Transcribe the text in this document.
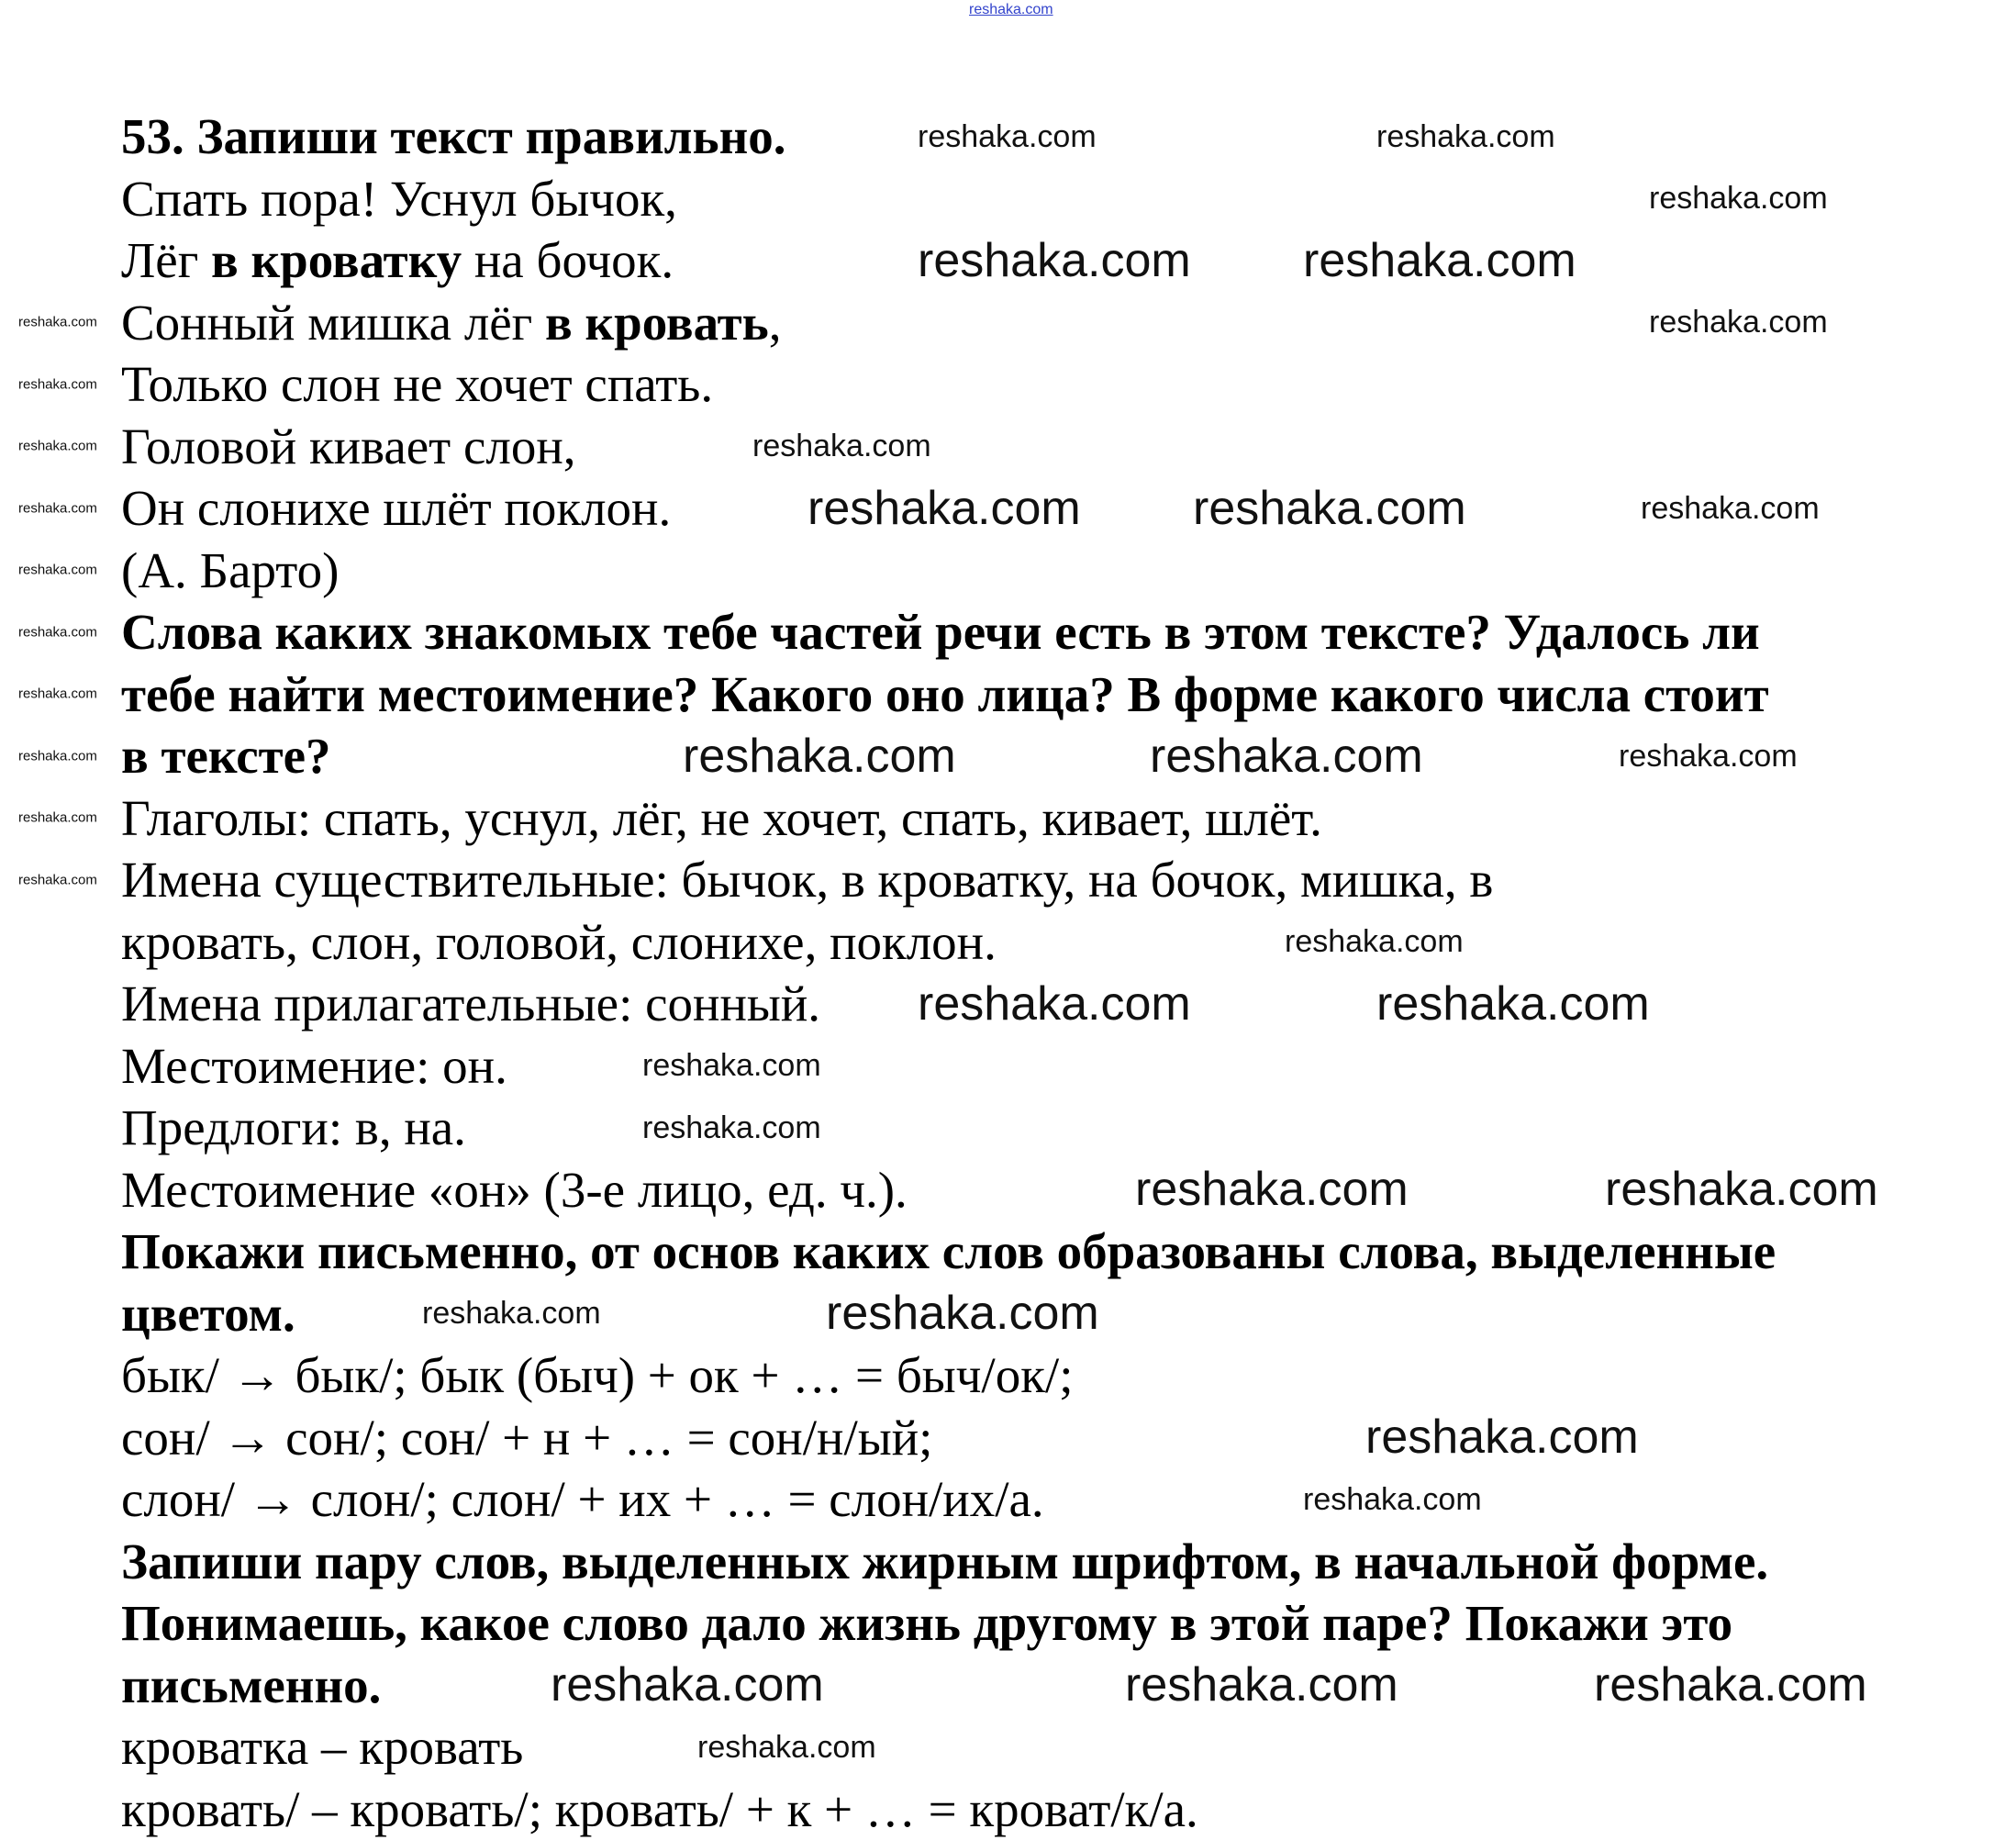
reshaka.com
53. Запиши текст правильно.
Спать пора! Уснул бычок,
Лёг в кроватку на бочок.
Сонный мишка лёг в кровать,
Только слон не хочет спать.
Головой кивает слон,
Он слонихе шлёт поклон.
(А. Барто)
Слова каких знакомых тебе частей речи есть в этом тексте? Удалось ли
тебе найти местоимение? Какого оно лица? В форме какого числа стоит
в тексте?
Глаголы: спать, уснул, лёг, не хочет, спать, кивает, шлёт.
Имена существительные: бычок, в кроватку, на бочок, мишка, в
кровать, слон, головой, слонихе, поклон.
Имена прилагательные: сонный.
Местоимение: он.
Предлоги: в, на.
Местоимение «он» (3-е лицо, ед. ч.).
Покажи письменно, от основ каких слов образованы слова, выделенные
цветом.
бык/ → бык/; бык (быч) + ок + … = быч/ок/;
сон/ → сон/; сон/ + н + … = сон/н/ый;
слон/ → слон/; слон/ + их + … = слон/их/а.
Запиши пару слов, выделенных жирным шрифтом, в начальной форме.
Понимаешь, какое слово дало жизнь другому в этой паре? Покажи это
письменно.
кроватка – кровать
кровать/ – кровать/; кровать/ + к + … = крoват/к/а.
reshaka.com	reshaka.com
reshaka.com
reshaka.com reshaka.com
reshaka.com
reshaka.com
reshaka.com reshaka.com	reshaka.com
reshaka.com	reshaka.com	reshaka.com
reshaka.com
reshaka.com	reshaka.com
reshaka.com
reshaka.com
reshaka.com	reshaka.com
reshaka.com	reshaka.com
reshaka.com
reshaka.com
reshaka.com	reshaka.com	reshaka.com
reshaka.com
reshaka.com
reshaka.com
reshaka.com
reshaka.com
reshaka.com
reshaka.com
reshaka.com
reshaka.com
reshaka.com
reshaka.com
